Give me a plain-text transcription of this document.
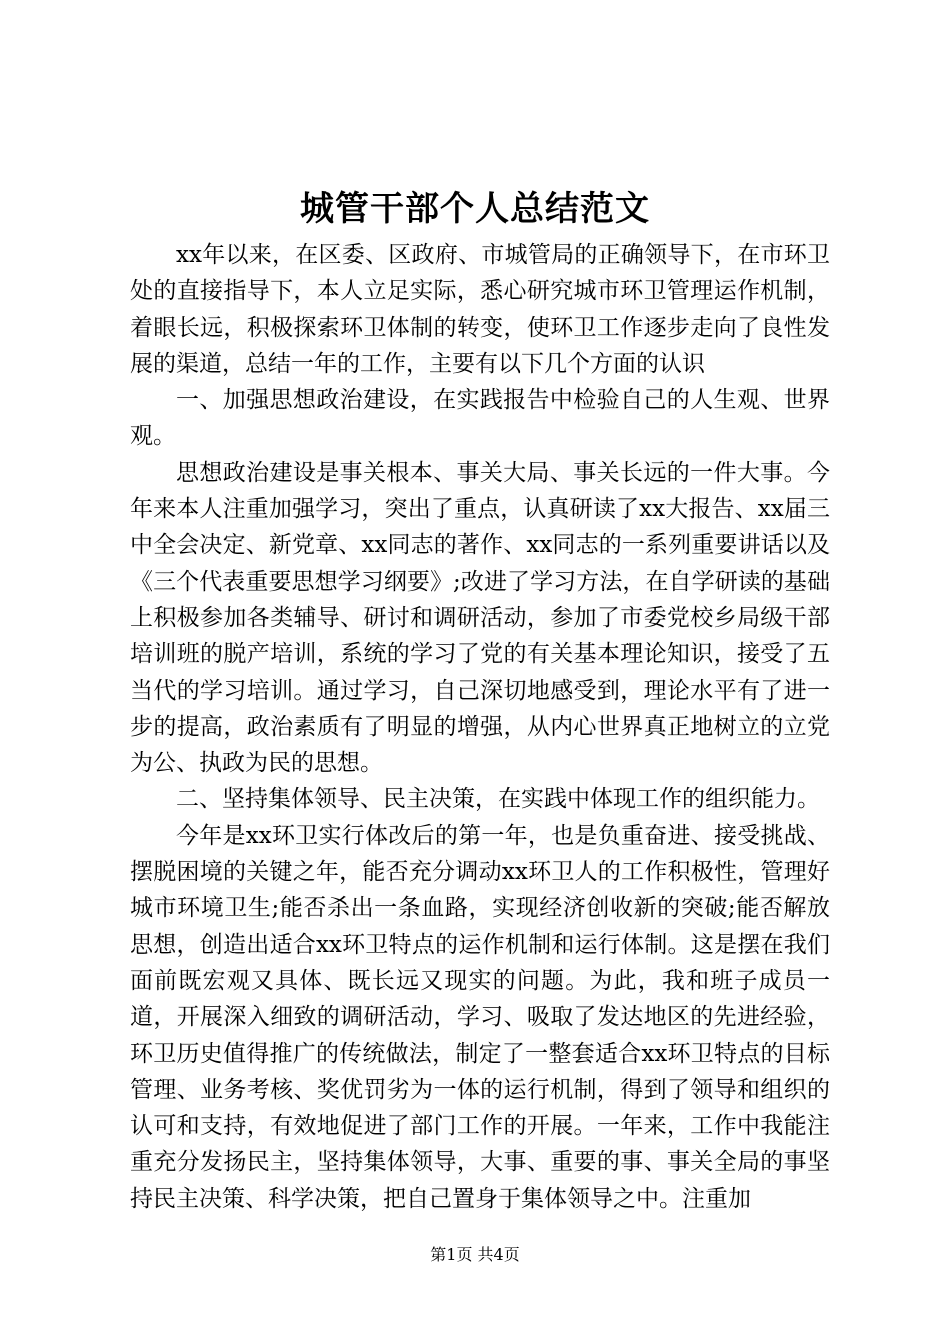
城管干部个人总结范文

xx年以来，在区委、区政府、市城管局的正确领导下，在市环卫处的直接指导下，本人立足实际，悉心研究城市环卫管理运作机制，着眼长远，积极探索环卫体制的转变，使环卫工作逐步走向了良性发展的渠道，总结一年的工作，主要有以下几个方面的认识

一、加强思想政治建设，在实践报告中检验自己的人生观、世界观。

思想政治建设是事关根本、事关大局、事关长远的一件大事。今年来本人注重加强学习，突出了重点，认真研读了xx大报告、xx届三中全会决定、新党章、xx同志的著作、xx同志的一系列重要讲话以及《三个代表重要思想学习纲要》;改进了学习方法，在自学研读的基础上积极参加各类辅导、研讨和调研活动，参加了市委党校乡局级干部培训班的脱产培训，系统的学习了党的有关基本理论知识，接受了五当代的学习培训。通过学习，自己深切地感受到，理论水平有了进一步的提高，政治素质有了明显的增强，从内心世界真正地树立的立党为公、执政为民的思想。

二、坚持集体领导、民主决策，在实践中体现工作的组织能力。

今年是xx环卫实行体改后的第一年，也是负重奋进、接受挑战、摆脱困境的关键之年，能否充分调动xx环卫人的工作积极性，管理好城市环境卫生;能否杀出一条血路，实现经济创收新的突破;能否解放思想，创造出适合xx环卫特点的运作机制和运行体制。这是摆在我们面前既宏观又具体、既长远又现实的问题。为此，我和班子成员一道，开展深入细致的调研活动，学习、吸取了发达地区的先进经验，环卫历史值得推广的传统做法，制定了一整套适合xx环卫特点的目标管理、业务考核、奖优罚劣为一体的运行机制，得到了领导和组织的认可和支持，有效地促进了部门工作的开展。一年来，工作中我能注重充分发扬民主，坚持集体领导，大事、重要的事、事关全局的事坚持民主决策、科学决策，把自己置身于集体领导之中。注重加

第1页 共4页
